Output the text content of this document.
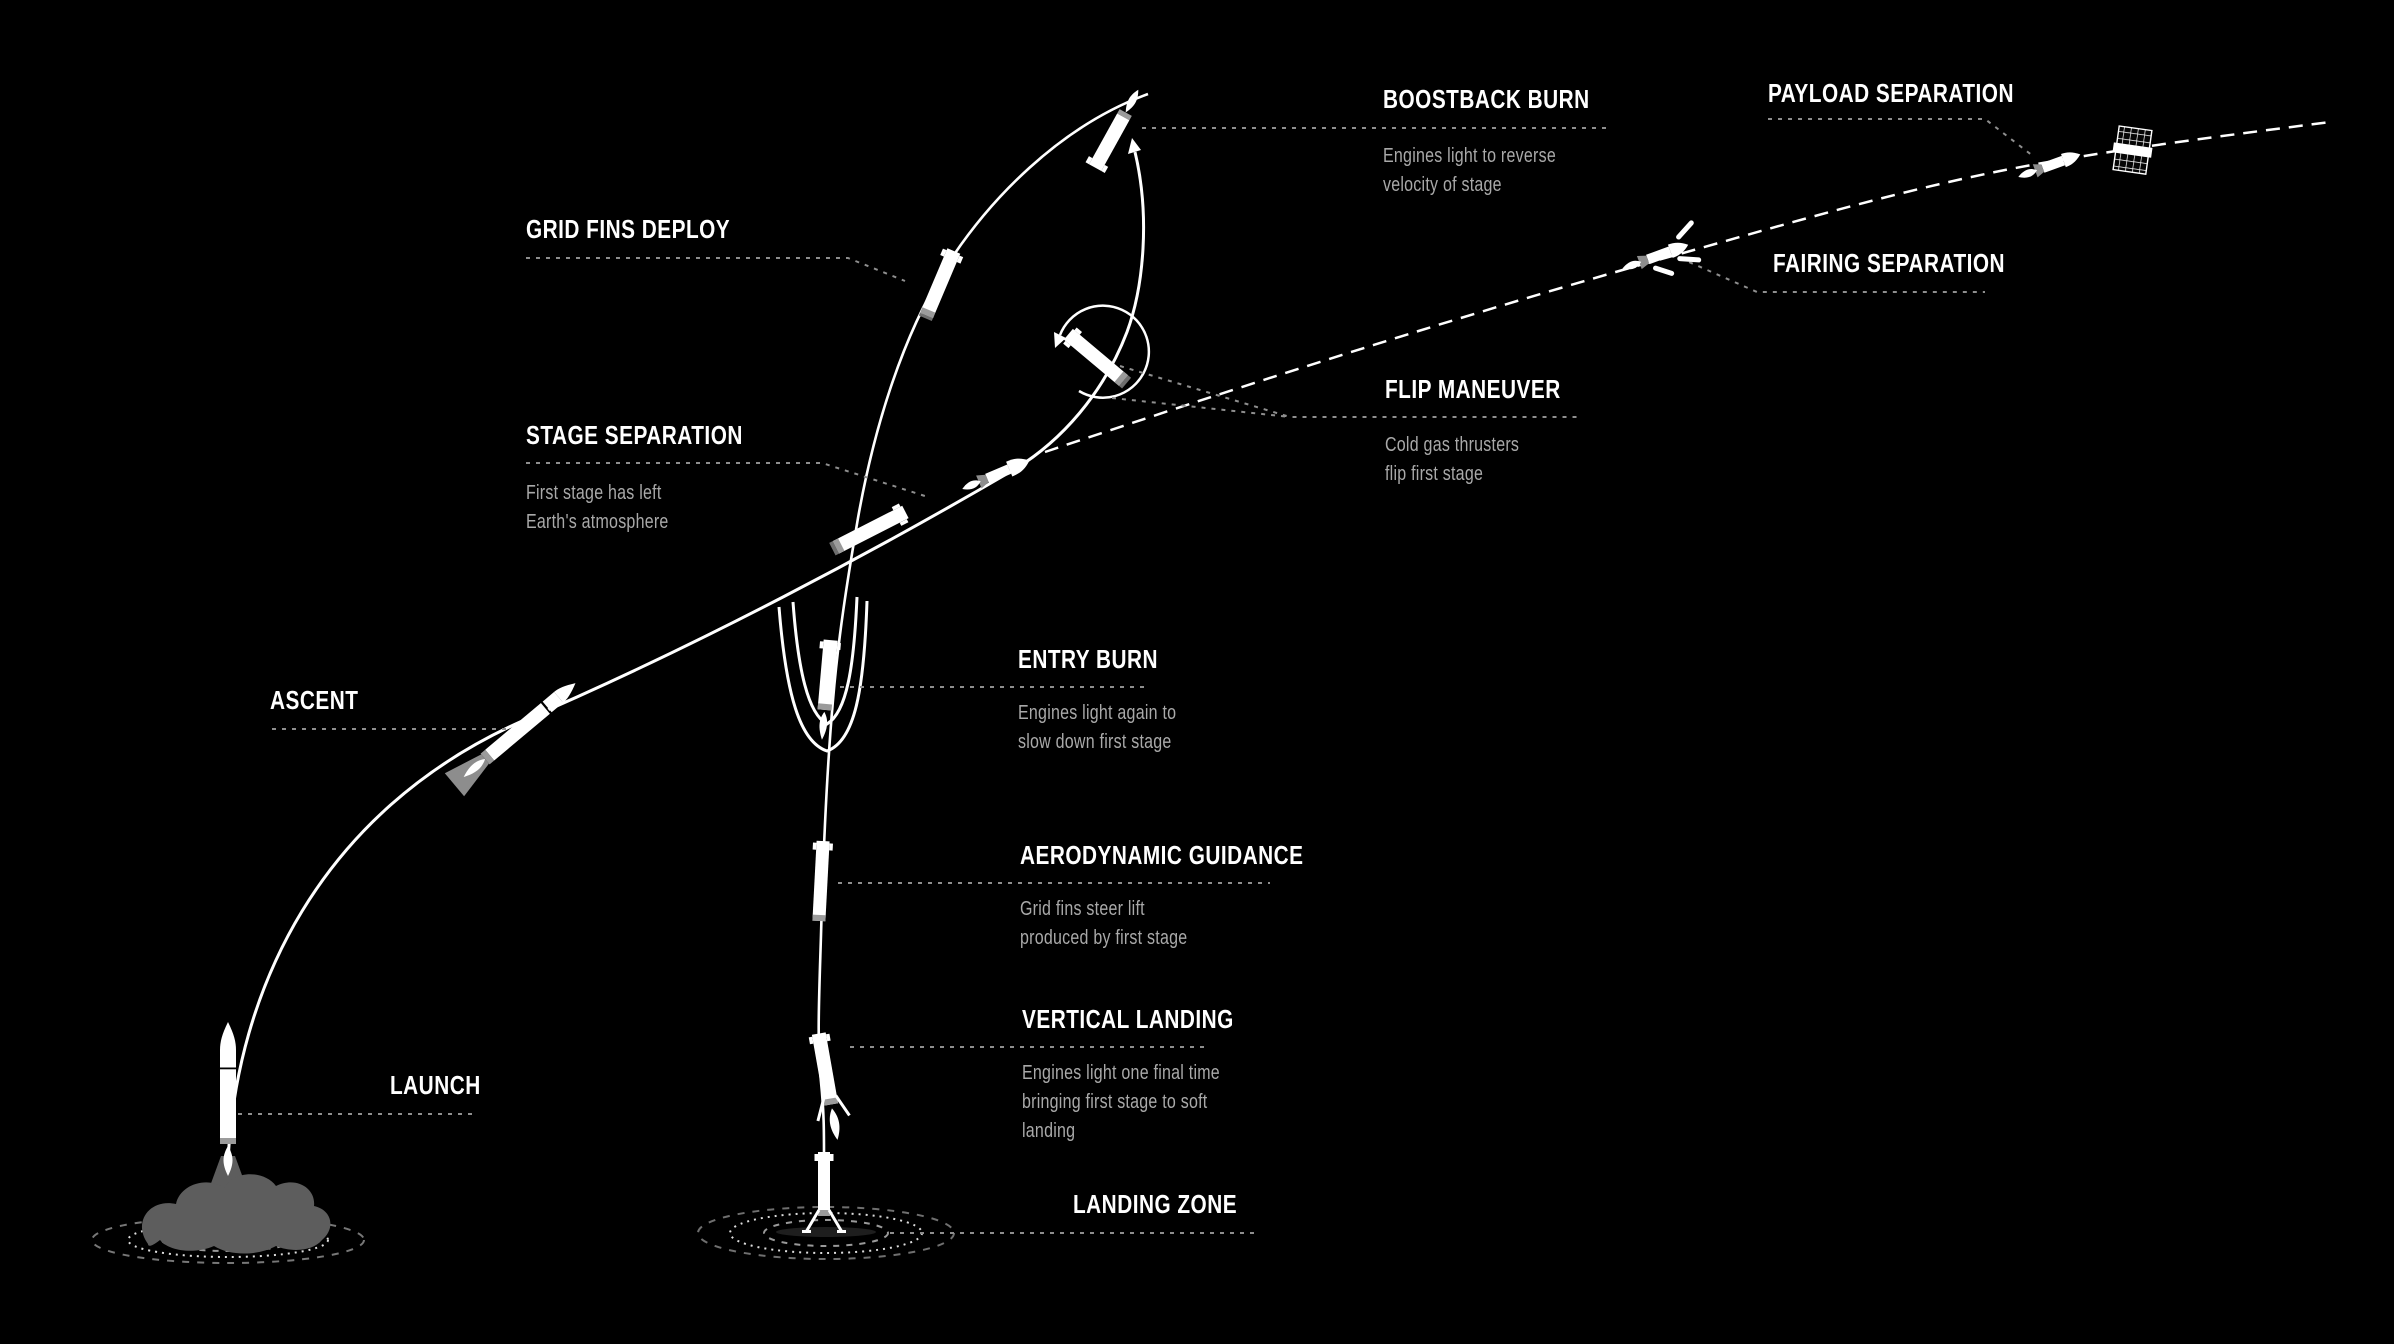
LAUNCH
ASCENT
STAGE SEPARATION
GRID FINS DEPLOY
BOOSTBACK BURN
FLIP MANEUVER
FAIRING SEPARATION
PAYLOAD SEPARATION
ENTRY BURN
AERODYNAMIC GUIDANCE
VERTICAL LANDING
LANDING ZONE
Engines light to reverse
velocity of stage
Cold gas thrusters
flip first stage
First stage has left
Earth's atmosphere
Engines light again to
slow down first stage
Grid fins steer lift
produced by first stage
Engines light one final time
bringing first stage to soft
landing
